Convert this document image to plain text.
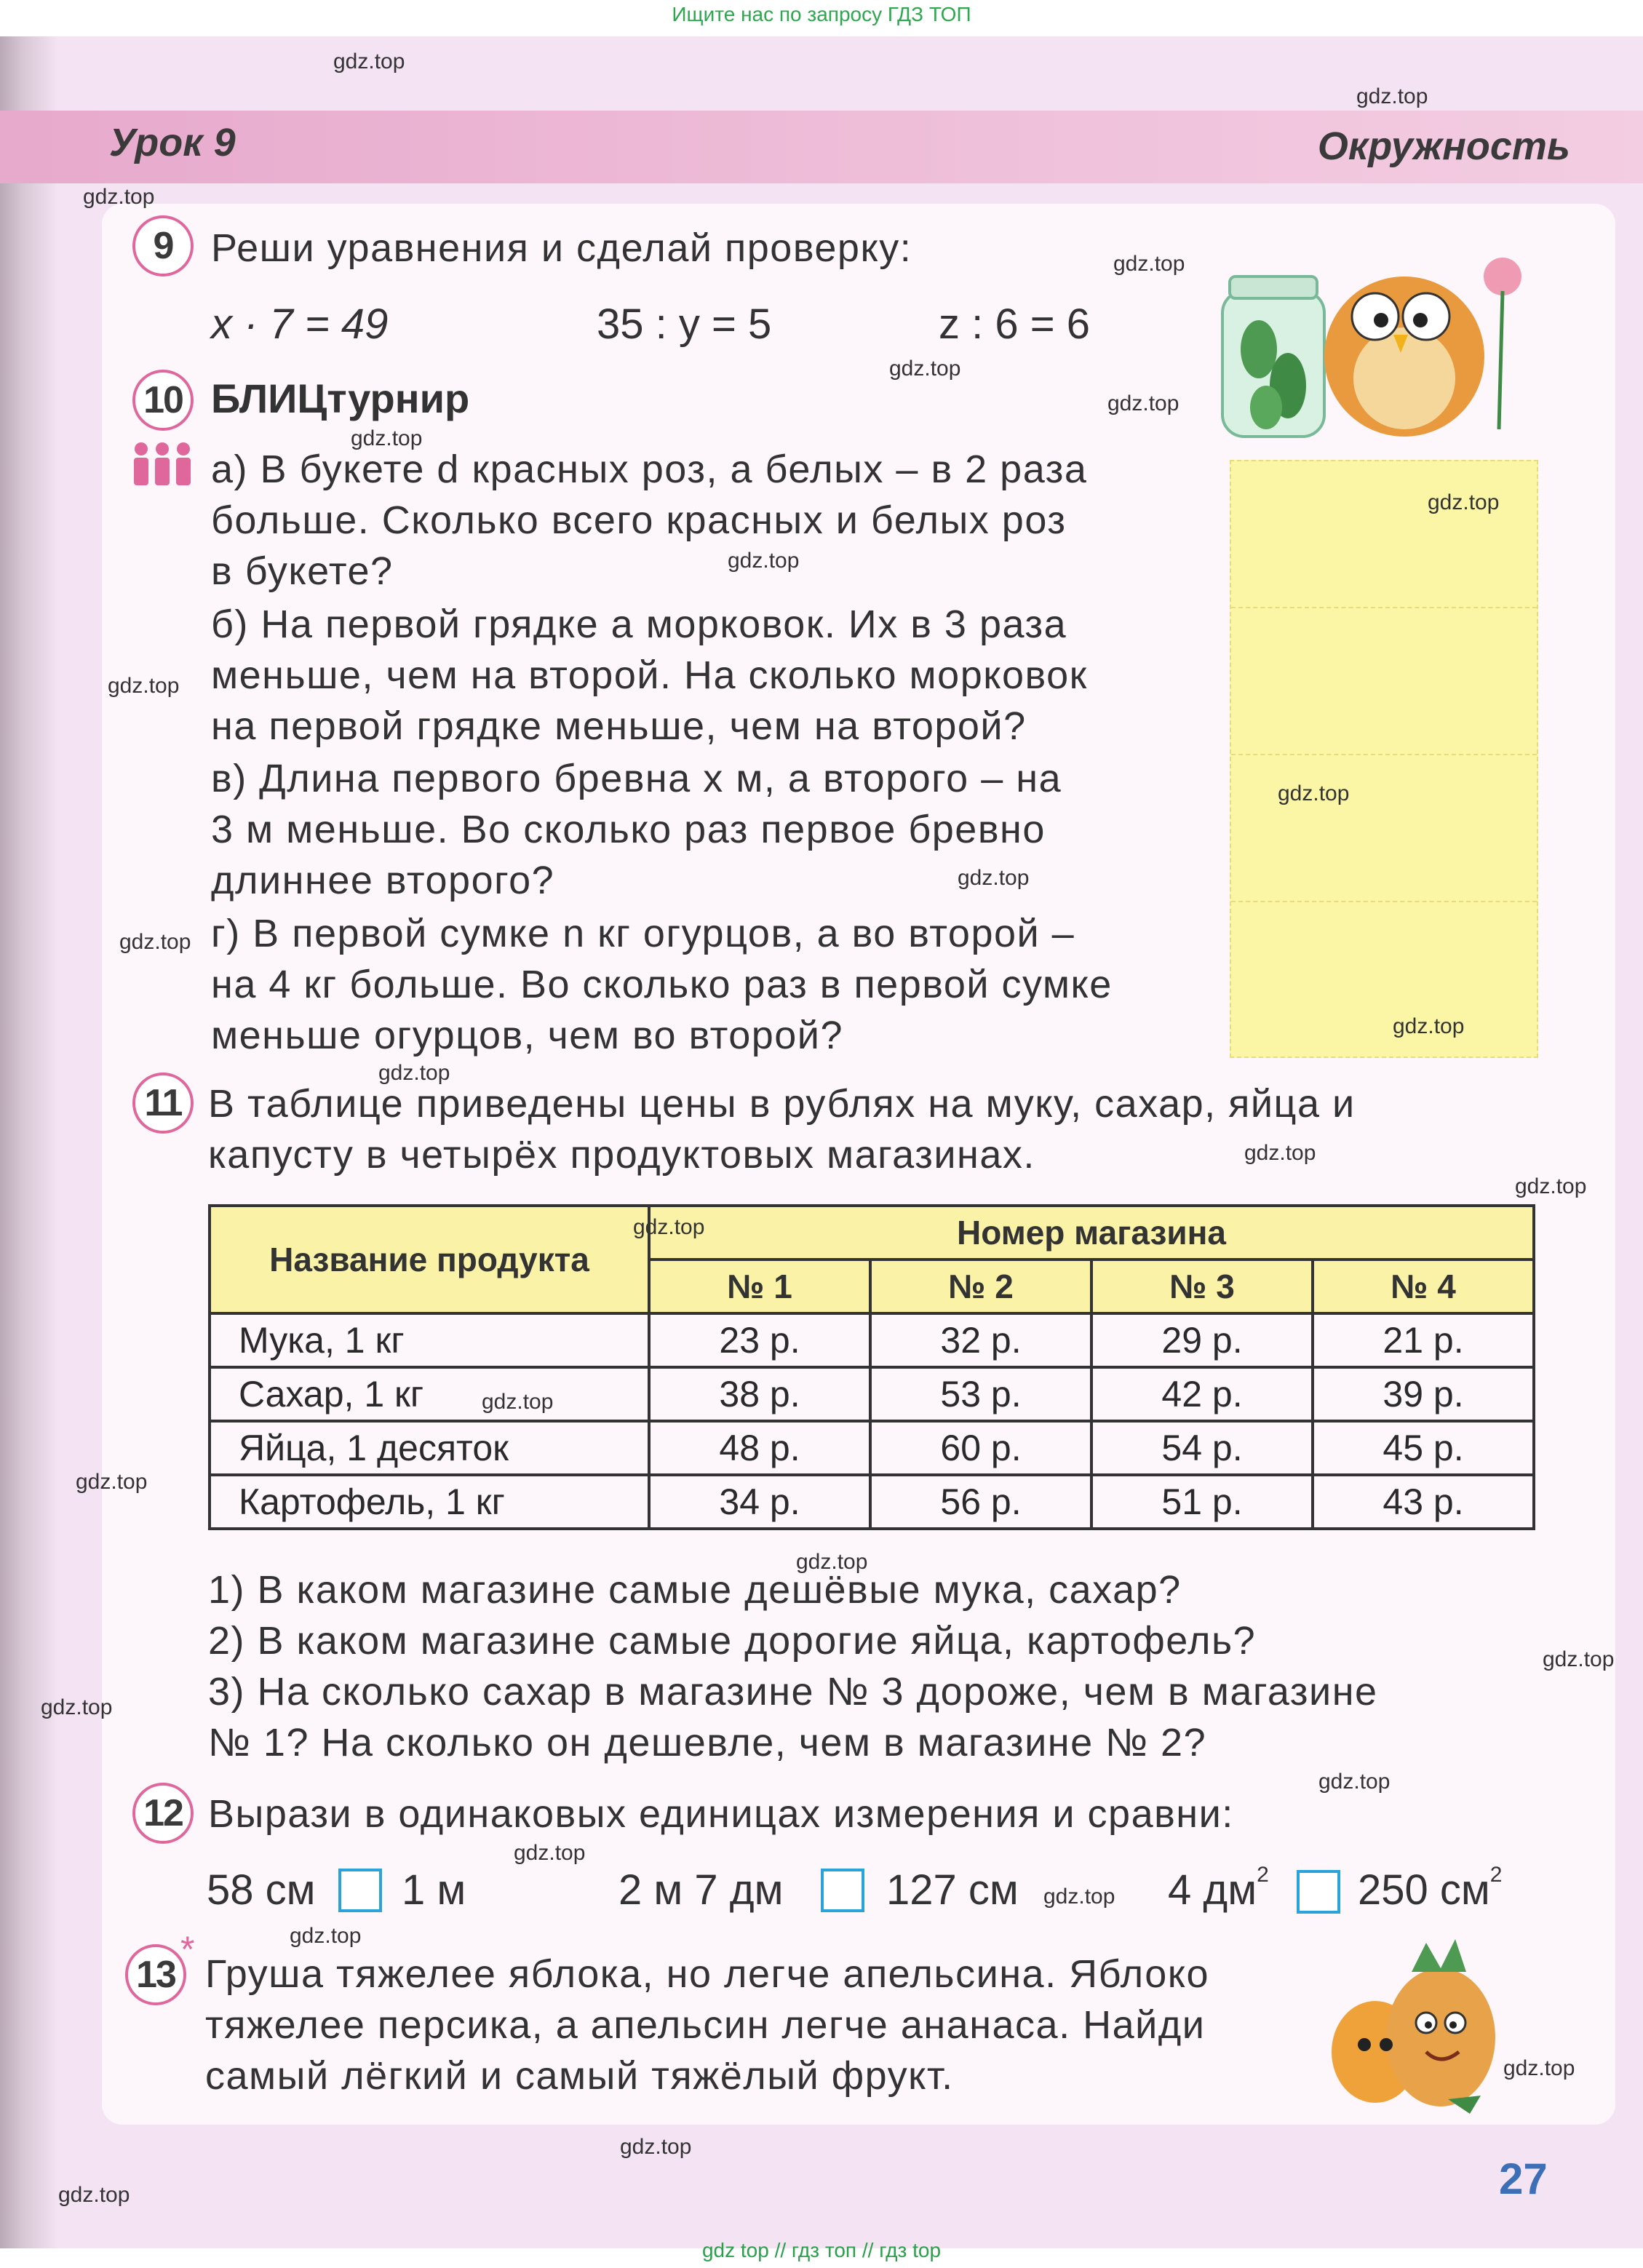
Ищите нас по запросу ГДЗ ТОП
Урок 9	Окружность
9 Реши уравнения и сделай проверку:
x · 7 = 49	35 : y = 5	z : 6 = 6
10 БЛИЦтурнир
а) В букете d красных роз, а белых – в 2 раза
больше. Сколько всего красных и белых роз
в букете?
б) На первой грядке a морковок. Их в 3 раза
меньше, чем на второй. На сколько морковок
на первой грядке меньше, чем на второй?
в) Длина первого бревна x м, а второго – на
3 м меньше. Во сколько раз первое бревно
длиннее второго?
г) В первой сумке n кг огурцов, а во второй –
на 4 кг больше. Во сколько раз в первой сумке
меньше огурцов, чем во второй?
11 В таблице приведены цены в рублях на муку, сахар, яйца и
капусту в четырёх продуктовых магазинах.
Название продукта	Номер магазина			
	№ 1	№ 2	№ 3	№ 4
Мука, 1 кг	23 р.	32 р.	29 р.	21 р.
Сахар, 1 кг	38 р.	53 р.	42 р.	39 р.
Яйца, 1 десяток	48 р.	60 р.	54 р.	45 р.
Картофель, 1 кг	34 р.	56 р.	51 р.	43 р.
1) В каком магазине самые дешёвые мука, сахар?
2) В каком магазине самые дорогие яйца, картофель?
3) На сколько сахар в магазине № 3 дороже, чем в магазине
№ 1? На сколько он дешевле, чем в магазине № 2?
12 Вырази в одинаковых единицах измерения и сравни:
58 см 1 м	2 м 7 дм 127 см	4 $дм^2$ 250 $см^2$
*
13 Груша тяжелее яблока, но легче апельсина. Яблоко
тяжелее персика, а апельсин легче ананаса. Найди
самый лёгкий и самый тяжёлый фрукт.
gdz.top
gdz.top
gdz.top
gdz.top
gdz.top
gdz.top
gdz.top
gdz.top
gdz.top
gdz.top
gdz.top
gdz.top
gdz.top
gdz.top
gdz.top
gdz.top
gdz.top
gdz.top
gdz.top
gdz.top
gdz.top
gdz.top
gdz.top
gdz.top
gdz.top
gdz.top
gdz.top
gdz.top
gdz.top
gdz.top	27
gdz top // гдз топ // гдз top
